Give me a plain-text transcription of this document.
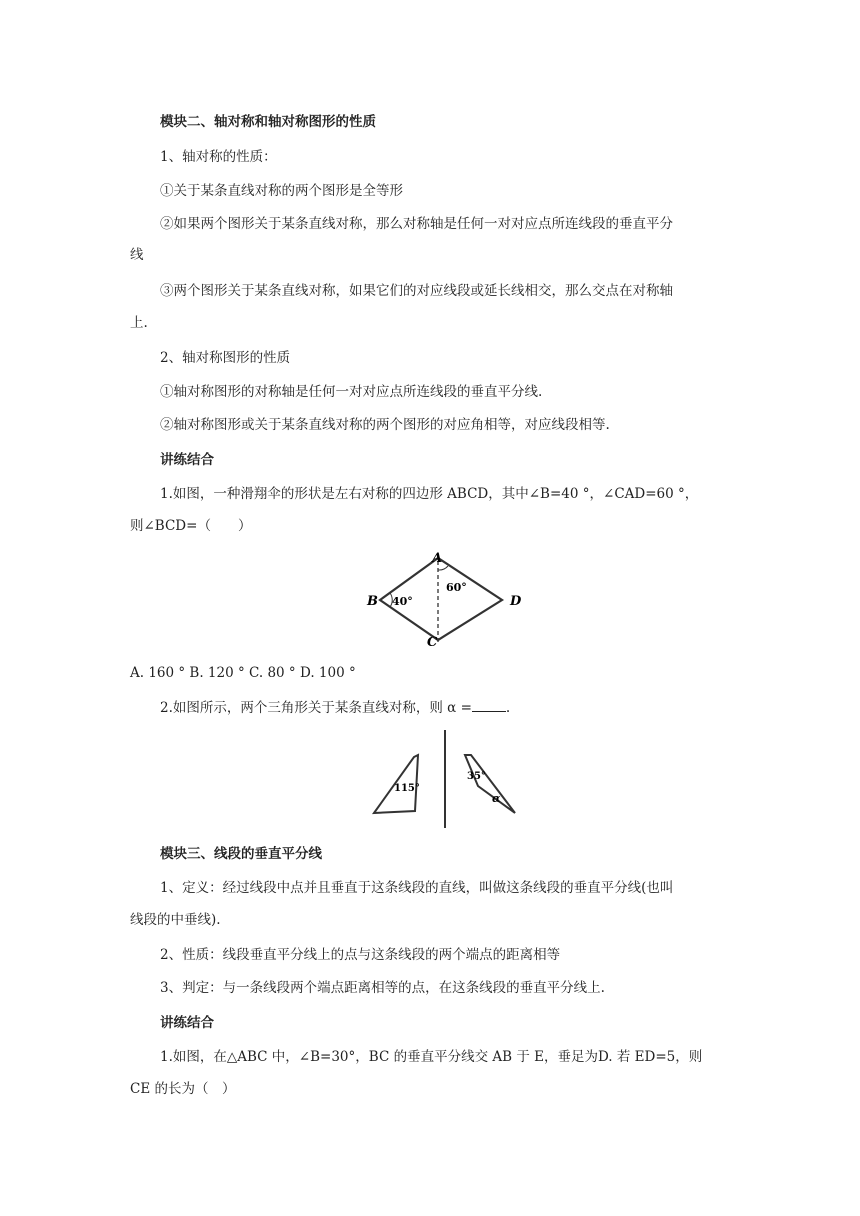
模块二、轴对称和轴对称图形的性质
1、轴对称的性质：
①关于某条直线对称的两个图形是全等形
②如果两个图形关于某条直线对称，那么对称轴是任何一对对应点所连线段的垂直平分
线
③两个图形关于某条直线对称，如果它们的对应线段或延长线相交，那么交点在对称轴
上.
2、轴对称图形的性质
①轴对称图形的对称轴是任何一对对应点所连线段的垂直平分线.
②轴对称图形或关于某条直线对称的两个图形的对应角相等，对应线段相等.
讲练结合
1.如图，一种滑翔伞的形状是左右对称的四边形 ABCD，其中∠B=40 °，∠CAD=60 °，
则∠BCD=（　　）
A
B
C
D
40°
60°
A. 160 ° B. 120 ° C. 80 ° D. 100 °
2.如图所示，两个三角形关于某条直线对称，则 α =	.
115°
35°
α
模块三、线段的垂直平分线
1、定义：经过线段中点并且垂直于这条线段的直线，叫做这条线段的垂直平分线(也叫
线段的中垂线).
2、性质：线段垂直平分线上的点与这条线段的两个端点的距离相等
3、判定：与一条线段两个端点距离相等的点，在这条线段的垂直平分线上.
讲练结合
1.如图，在△ABC 中，∠B=30°，BC 的垂直平分线交 AB 于 E，垂足为D. 若 ED=5，则
CE 的长为（　）
